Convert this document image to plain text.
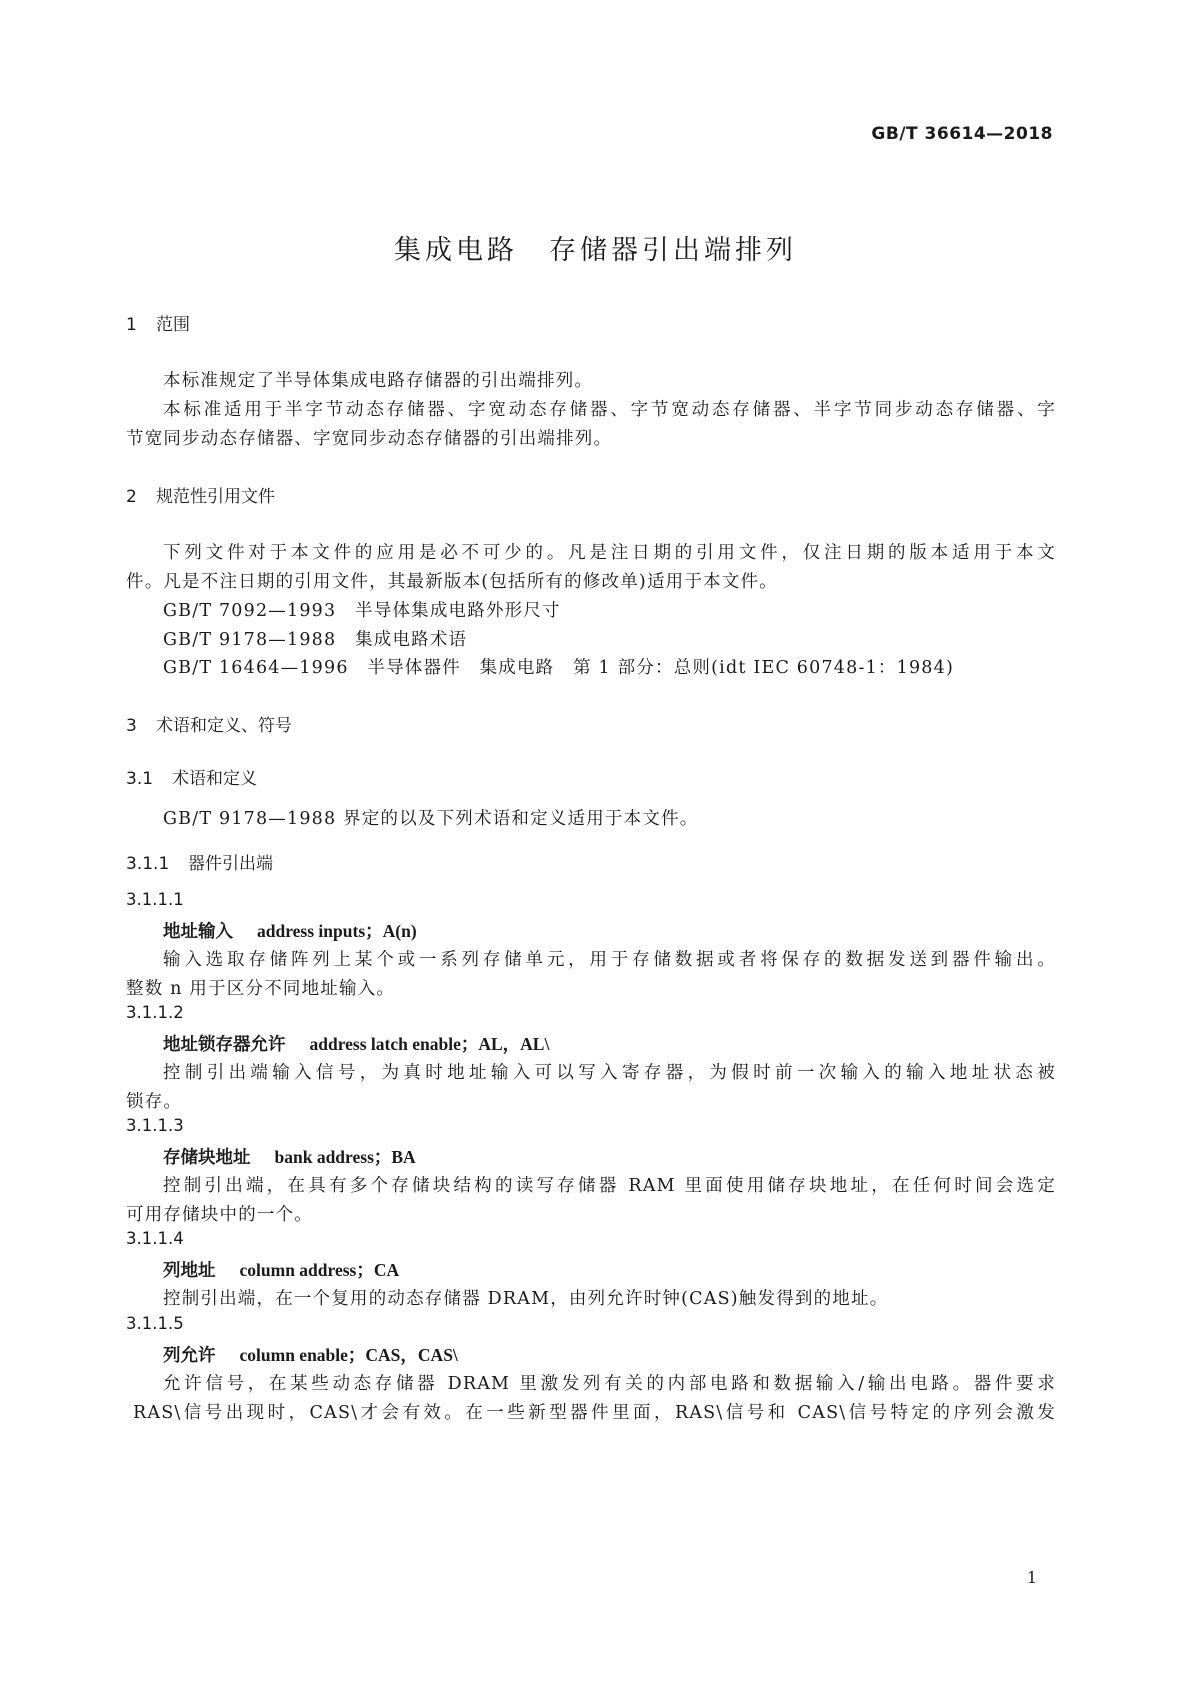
GB/T 36614—2018
集成电路　存储器引出端排列
1 范围
本标准规定了半导体集成电路存储器的引出端排列。
本标准适用于半字节动态存储器、字宽动态存储器、字节宽动态存储器、半字节同步动态存储器、字
节宽同步动态存储器、字宽同步动态存储器的引出端排列。
2 规范性引用文件
下列文件对于本文件的应用是必不可少的。凡是注日期的引用文件，仅注日期的版本适用于本文
件。凡是不注日期的引用文件，其最新版本(包括所有的修改单)适用于本文件。
GB/T 7092—1993　半导体集成电路外形尺寸
GB/T 9178—1988　集成电路术语
GB/T 16464—1996　半导体器件　集成电路　第 1 部分：总则(idt IEC 60748-1：1984)
3 术语和定义、符号
3.1 术语和定义
GB/T 9178—1988 界定的以及下列术语和定义适用于本文件。
3.1.1 器件引出端
3.1.1.1
地址输入 address inputs；A(n)
输入选取存储阵列上某个或一系列存储单元，用于存储数据或者将保存的数据发送到器件输出。
整数 n 用于区分不同地址输入。
3.1.1.2
地址锁存器允许 address latch enable；AL，AL\
控制引出端输入信号，为真时地址输入可以写入寄存器，为假时前一次输入的输入地址状态被
锁存。
3.1.1.3
存储块地址 bank address；BA
控制引出端，在具有多个存储块结构的读写存储器 RAM 里面使用储存块地址，在任何时间会选定
可用存储块中的一个。
3.1.1.4
列地址 column address；CA
控制引出端，在一个复用的动态存储器 DRAM，由列允许时钟(CAS)触发得到的地址。
3.1.1.5
列允许 column enable；CAS，CAS\
允许信号，在某些动态存储器 DRAM 里激发列有关的内部电路和数据输入/输出电路。器件要求
RAS\信号出现时，CAS\才会有效。在一些新型器件里面，RAS\信号和 CAS\信号特定的序列会激发
1
